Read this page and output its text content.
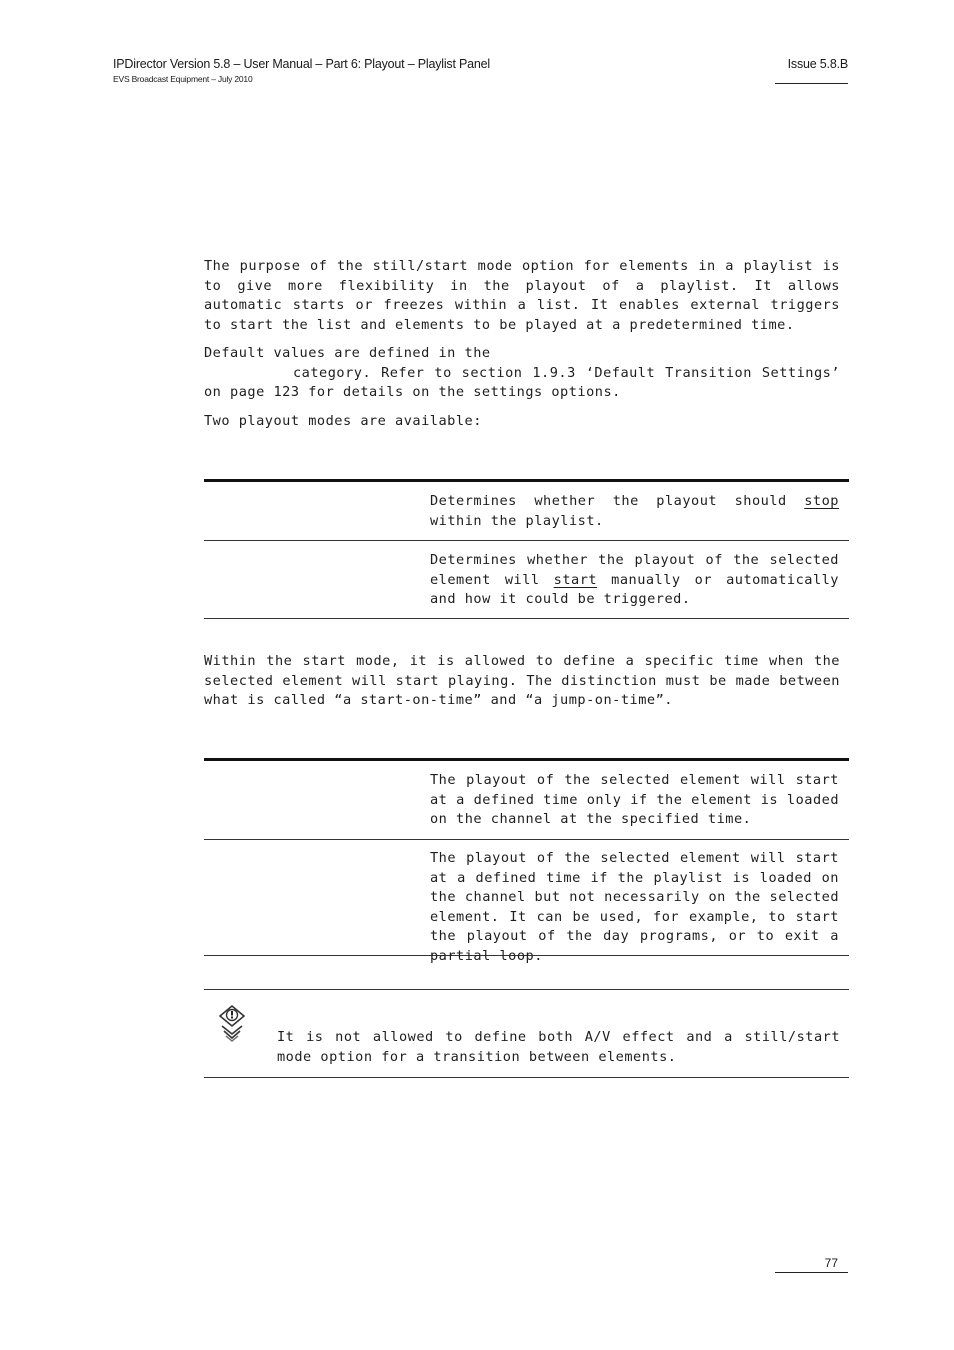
IPDirector Version 5.8 – User Manual – Part 6: Playout – Playlist Panel
EVS Broadcast Equipment – July 2010
Issue 5.8.B

The purpose of the still/start mode option for elements in a playlist is to give more flexibility in the playout of a playlist. It allows automatic starts or freezes within a list. It enables external triggers to start the list and elements to be played at a predetermined time.

Default values are defined in the

category. Refer to section 1.9.3 ‘Default Transition Settings’ on page 123 for details on the settings options.

Two playout modes are available:

Determines whether the playout should stop within the playlist.
Determines whether the playout of the selected element will start manually or automatically and how it could be triggered.

Within the start mode, it is allowed to define a specific time when the selected element will start playing. The distinction must be made between what is called “a start-on-time” and “a jump-on-time”.

The playout of the selected element will start at a defined time only if the element is loaded on the channel at the specified time.
The playout of the selected element will start at a defined time if the playlist is loaded on the channel but not necessarily on the selected element. It can be used, for example, to start the playout of the day programs, or to exit a partial loop.
It is not allowed to define both A/V effect and a still/start mode option for a transition between elements.
77
